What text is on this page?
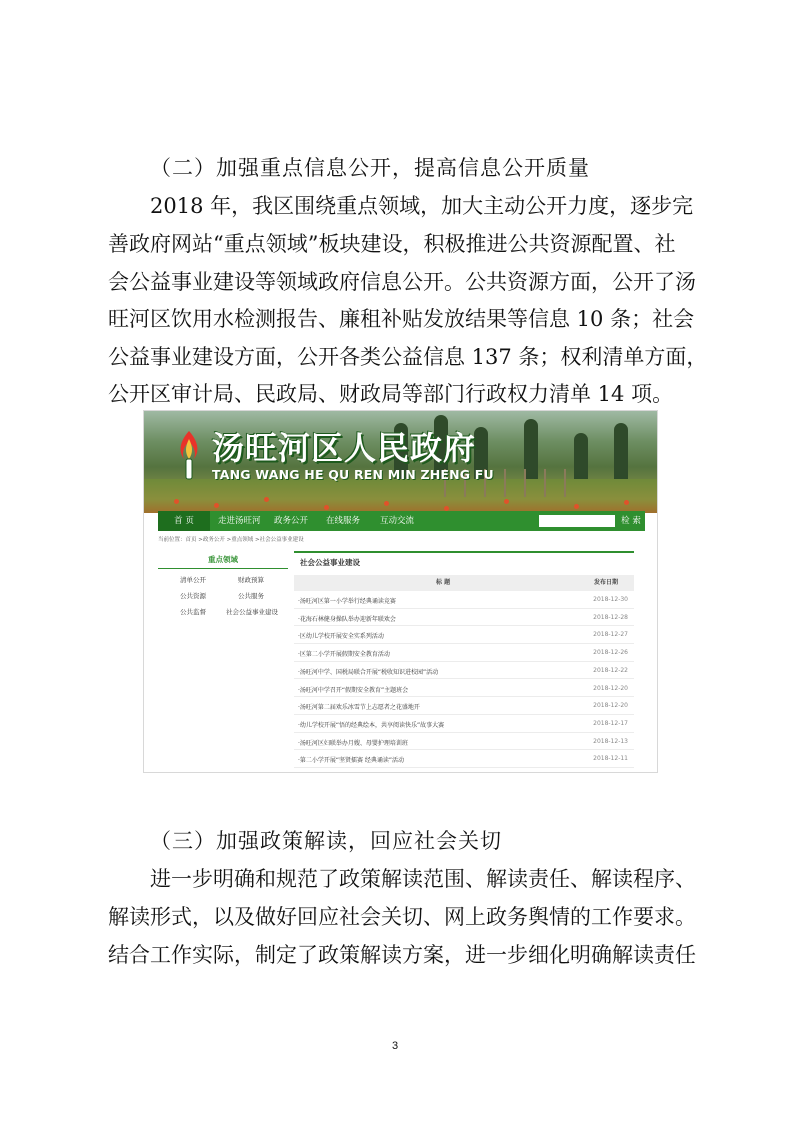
（二）加强重点信息公开，提高信息公开质量
2018 年，我区围绕重点领域，加大主动公开力度，逐步完
善政府网站“重点领域”板块建设，积极推进公共资源配置、社
会公益事业建设等领域政府信息公开。公共资源方面，公开了汤
旺河区饮用水检测报告、廉租补贴发放结果等信息 10 条；社会
公益事业建设方面，公开各类公益信息 137 条；权利清单方面，
公开区审计局、民政局、财政局等部门行政权力清单 14 项。
汤旺河区人民政府
TANG WANG HE QU REN MIN ZHENG FU
首 页	走进汤旺河 政务公开 在线服务 互动交流	检 索
当前位置：首页 >政务公开 >重点领域 >社会公益事业建设
重点领域
清单公开	财政预算
公共资源	公共服务
公共监督	社会公益事业建设
社会公益事业建设
标 题	发布日期
·汤旺河区第一小学举行经典诵读竞赛	2018-12-30
·花海石林健身操队举办迎新年联欢会	2018-12-28
·区幼儿学校开展安全实系列活动	2018-12-27
·区第二小学开展假期安全教育活动	2018-12-26
·汤旺河中学、国税局联合开展“税收知识进校园”活动	2018-12-22
·汤旺河中学召开“假期安全教育”主题班会	2018-12-20
·汤旺河第二届欢乐冰雪节上志愿者之花盛地开	2018-12-20
·幼儿学校开展“悟的经典绘本，共享阅读快乐”故事大赛	2018-12-17
·汤旺河区妇联举办月嫂、母婴护理培训班	2018-12-13
·第二小学开展“坚贤擂赛 经典诵读”活动	2018-12-11
（三）加强政策解读，回应社会关切
进一步明确和规范了政策解读范围、解读责任、解读程序、
解读形式，以及做好回应社会关切、网上政务舆情的工作要求。
结合工作实际，制定了政策解读方案，进一步细化明确解读责任
3
